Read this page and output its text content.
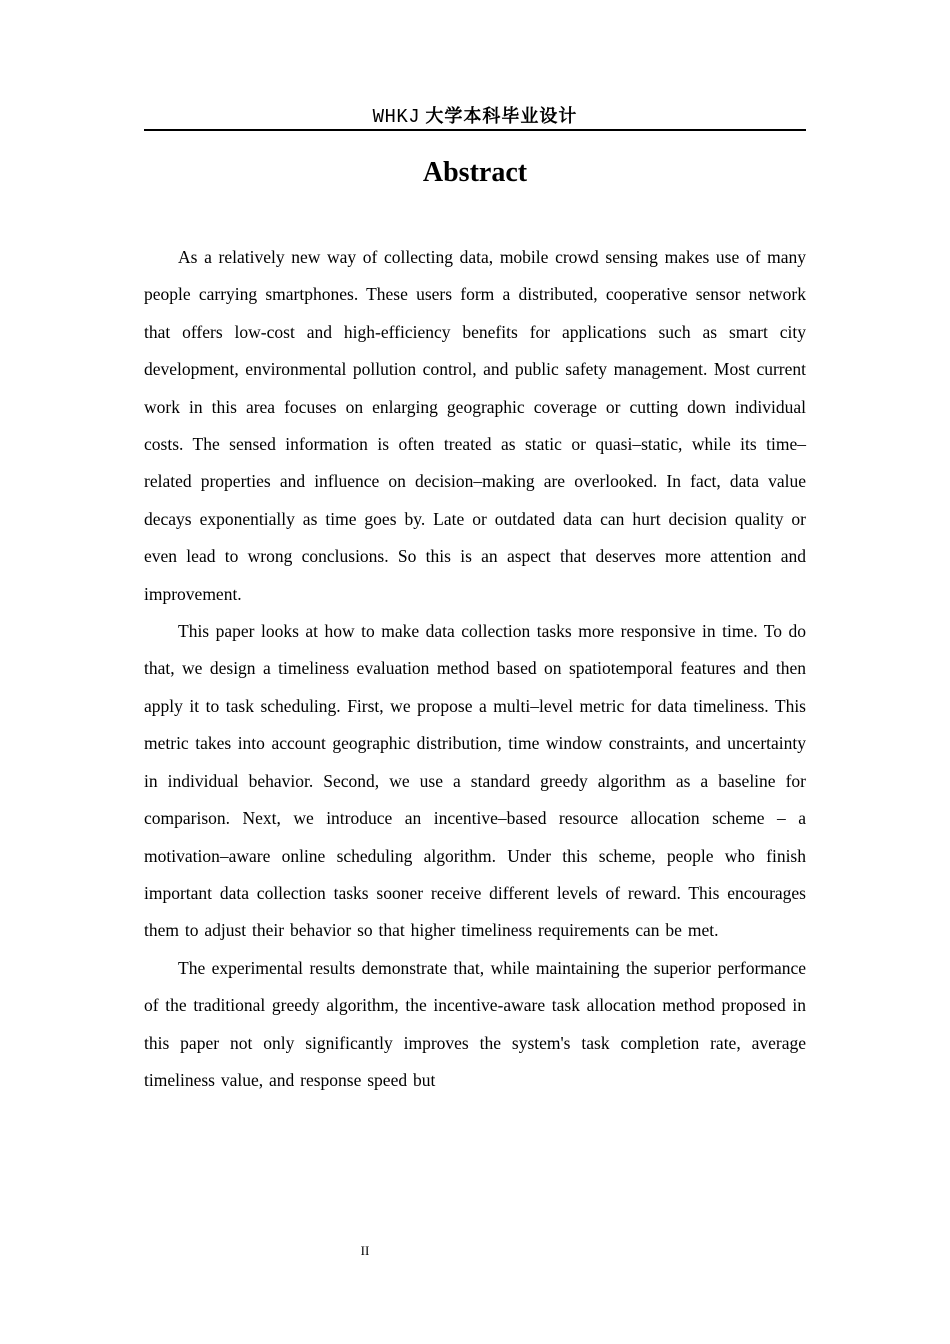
WHKJ 大学本科毕业设计
Abstract

As a relatively new way of collecting data, mobile crowd sensing makes use of many people carrying smartphones. These users form a distributed, cooperative sensor network that offers low-cost and high-efficiency benefits for applications such as smart city development, environmental pollution control, and public safety management. Most current work in this area focuses on enlarging geographic coverage or cutting down individual costs. The sensed information is often treated as static or quasi–static, while its time–related properties and influence on decision–making are overlooked. In fact, data value decays exponentially as time goes by. Late or outdated data can hurt decision quality or even lead to wrong conclusions. So this is an aspect that deserves more attention and improvement.

This paper looks at how to make data collection tasks more responsive in time. To do that, we design a timeliness evaluation method based on spatiotemporal features and then apply it to task scheduling. First, we propose a multi–level metric for data timeliness. This metric takes into account geographic distribution, time window constraints, and uncertainty in individual behavior. Second, we use a standard greedy algorithm as a baseline for comparison. Next, we introduce an incentive–based resource allocation scheme – a motivation–aware online scheduling algorithm. Under this scheme, people who finish important data collection tasks sooner receive different levels of reward. This encourages them to adjust their behavior so that higher timeliness requirements can be met.

The experimental results demonstrate that, while maintaining the superior performance of the traditional greedy algorithm, the incentive-aware task allocation method proposed in this paper not only significantly improves the system's task completion rate, average timeliness value, and response speed but

II
